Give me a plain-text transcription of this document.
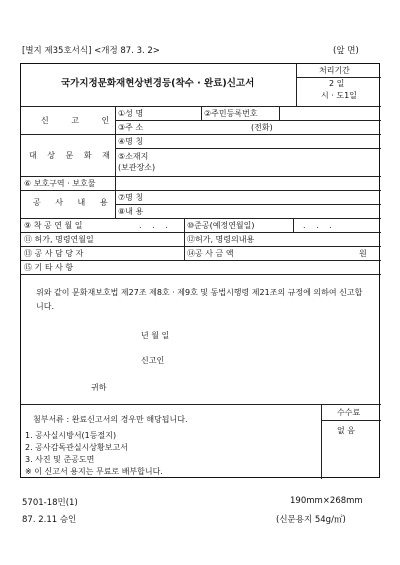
[별지 제35호서식] <개정 87. 3. 2>	(앞 면)
국가지정문화재현상변경등(착수 · 완료)신고서
처리기간
2 일
시 · 도1일
신 고 인
①성 명	②주민등록번호
③주 소	(전화)
대 상 문 화 재
④명 칭
⑤소재지
(보관장소)
⑥ 보호구역 · 보호물
공 사 내 용
⑦명 칭
⑧내 용
⑨ 착 공 연 월 일	. . . ⑩준공(예정연월일)	. . .
⑪ 허가, 명령연월일	⑫허가, 명령의내용
⑬ 공 사 담 당 자	⑭공 사 금 액	원
⑮ 기 타 사 항
위와 같이 문화재보호법 제27조 제8호 · 제9호 및 동법시행령 제21조의 규정에 의하여 신고합니다.
년 월 일
신고인
귀하
첨부서류 : 완료신고서의 경우만 해당됩니다.
1. 공사실시방서(1등절지)
2. 공사감독관실시상황보고서
3. 사진 및 준공도면
※ 이 신고서 용지는 무료로 배부합니다.
수수료
없 음
5701-18민(1)
87. 2.11 승인
190mm×268mm
(신문용지 54g/㎡)
